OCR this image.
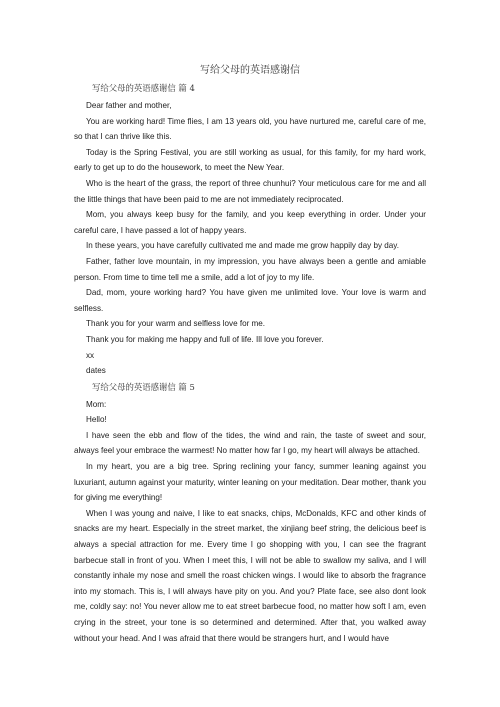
写给父母的英语感谢信
写给父母的英语感谢信 篇 4

Dear father and mother,

You are working hard! Time flies, I am 13 years old, you have nurtured me, careful care of me, so that I can thrive like this.

Today is the Spring Festival, you are still working as usual, for this family, for my hard work, early to get up to do the housework, to meet the New Year.

Who is the heart of the grass, the report of three chunhui? Your meticulous care for me and all the little things that have been paid to me are not immediately reciprocated.

Mom, you always keep busy for the family, and you keep everything in order. Under your careful care, I have passed a lot of happy years.

In these years, you have carefully cultivated me and made me grow happily day by day.

Father, father love mountain, in my impression, you have always been a gentle and amiable person. From time to time tell me a smile, add a lot of joy to my life.

Dad, mom, youre working hard? You have given me unlimited love. Your love is warm and selfless.

Thank you for your warm and selfless love for me.

Thank you for making me happy and full of life. Ill love you forever.

xx

dates

写给父母的英语感谢信 篇 5

Mom:

Hello!

I have seen the ebb and flow of the tides, the wind and rain, the taste of sweet and sour, always feel your embrace the warmest! No matter how far I go, my heart will always be attached.

In my heart, you are a big tree. Spring reclining your fancy, summer leaning against you luxuriant, autumn against your maturity, winter leaning on your meditation. Dear mother, thank you for giving me everything!

When I was young and naive, I like to eat snacks, chips, McDonalds, KFC and other kinds of snacks are my heart. Especially in the street market, the xinjiang beef string, the delicious beef is always a special attraction for me. Every time I go shopping with you, I can see the fragrant barbecue stall in front of you. When I meet this, I will not be able to swallow my saliva, and I will constantly inhale my nose and smell the roast chicken wings. I would like to absorb the fragrance into my stomach. This is, I will always have pity on you. And you? Plate face, see also dont look me, coldly say: no! You never allow me to eat street barbecue food, no matter how soft I am, even crying in the street, your tone is so determined and determined. After that, you walked away without your head. And I was afraid that there would be strangers hurt, and I would have
